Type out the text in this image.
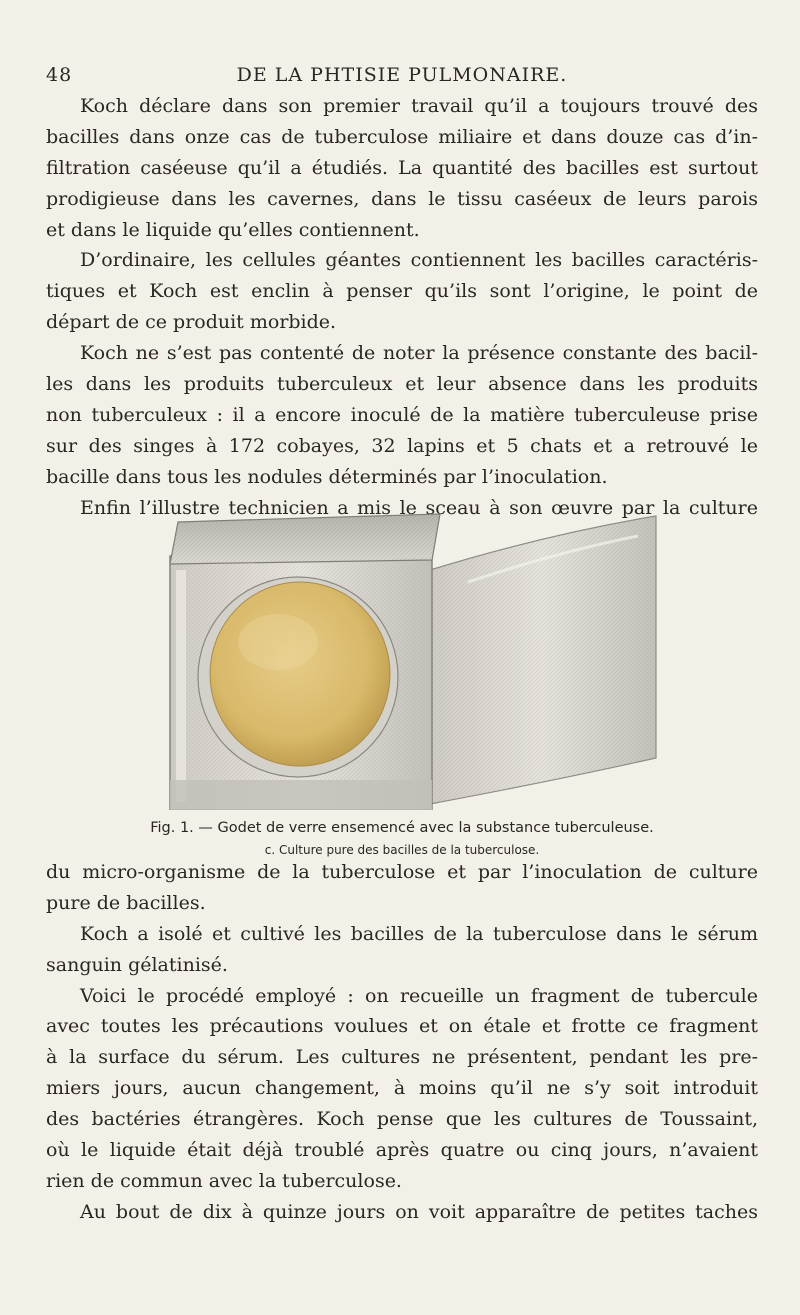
48	DE LA PHTISIE PULMONAIRE.
Koch déclare dans son premier travail qu’il a toujours trouvé des
bacilles dans onze cas de tuberculose miliaire et dans douze cas d’in-
filtration caséeuse qu’il a étudiés. La quantité des bacilles est surtout
prodigieuse dans les cavernes, dans le tissu caséeux de leurs parois
et dans le liquide qu’elles contiennent.
D’ordinaire, les cellules géantes contiennent les bacilles caractéris-
tiques et Koch est enclin à penser qu’ils sont l’origine, le point de
départ de ce produit morbide.
Koch ne s’est pas contenté de noter la présence constante des bacil-
les dans les produits tuberculeux et leur absence dans les produits
non tuberculeux : il a encore inoculé de la matière tuberculeuse prise
sur des singes à 172 cobayes, 32 lapins et 5 chats et a retrouvé le
bacille dans tous les nodules déterminés par l’inoculation.
Enfin l’illustre technicien a mis le sceau à son œuvre par la culture
Fig. 1. — Godet de verre ensemencé avec la substance tuberculeuse.
c. Culture pure des bacilles de la tuberculose.
du micro-organisme de la tuberculose et par l’inoculation de culture
pure de bacilles.
Koch a isolé et cultivé les bacilles de la tuberculose dans le sérum
sanguin gélatinisé.
Voici le procédé employé : on recueille un fragment de tubercule
avec toutes les précautions voulues et on étale et frotte ce fragment
à la surface du sérum. Les cultures ne présentent, pendant les pre-
miers jours, aucun changement, à moins qu’il ne s’y soit introduit
des bactéries étrangères. Koch pense que les cultures de Toussaint,
où le liquide était déjà troublé après quatre ou cinq jours, n’avaient
rien de commun avec la tuberculose.
Au bout de dix à quinze jours on voit apparaître de petites taches
